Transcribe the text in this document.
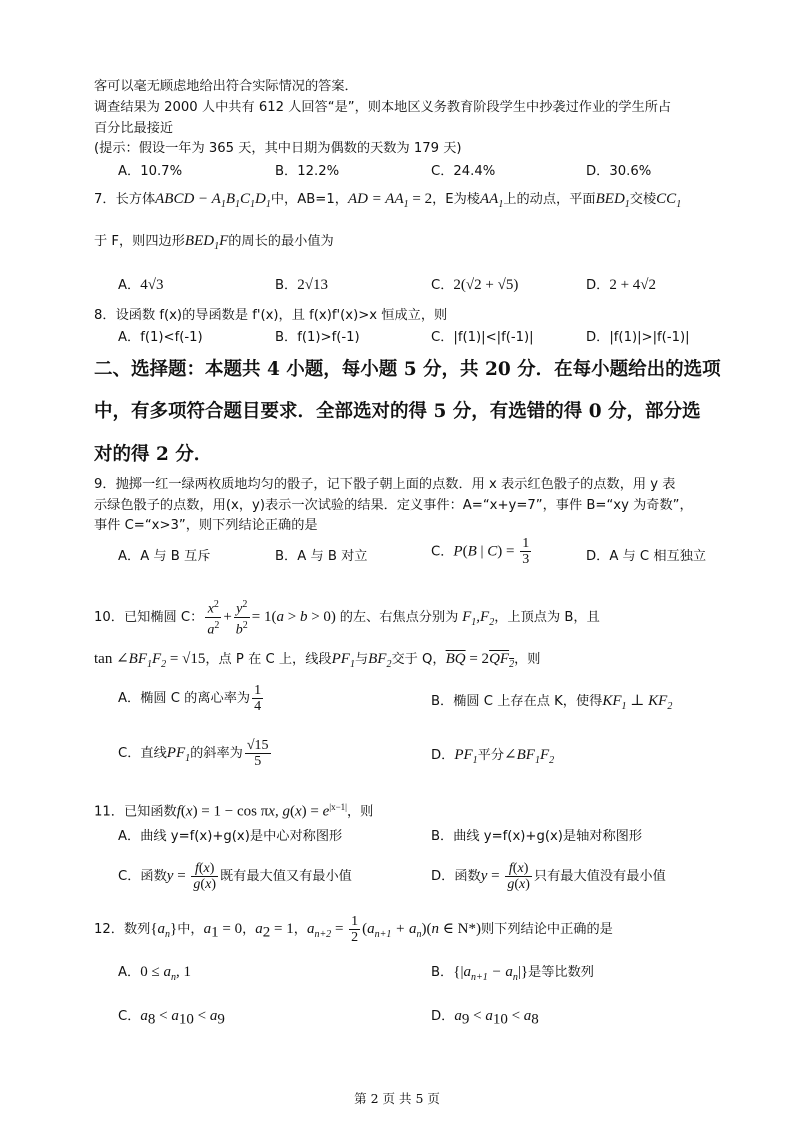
客可以毫无顾虑地给出符合实际情况的答案．
调查结果为 2000 人中共有 612 人回答“是”，则本地区义务教育阶段学生中抄袭过作业的学生所占
百分比最接近
(提示：假设一年为 365 天，其中日期为偶数的天数为 179 天)
A．10.7%	B．12.2%	C．24.4%	D．30.6%
7．长方体ABCD − $A_1B_1C_1D_1$中，AB=1，AD = $AA_1 = 2$，E为棱$AA_1$上的动点，平面$BED_1$交棱$CC_1$
于 F，则四边形$BED_1F$的周长的最小值为
A．4√3	B．2√13	C．2(√2 + √5)	D．2 + 4√2
8．设函数 f(x)的导函数是 f'(x)，且 f(x)f'(x)>x 恒成立，则
A．f(1)<f(-1)	B．f(1)>f(-1)	C．|f(1)|<|f(-1)|	D．|f(1)|>|f(-1)|
二、选择题：本题共 4 小题，每小题 5 分，共 20 分．在每小题给出的选项
中，有多项符合题目要求．全部选对的得 5 分，有选错的得 0 分，部分选
对的得 2 分．
9．抛掷一红一绿两枚质地均匀的骰子，记下骰子朝上面的点数．用 x 表示红色骰子的点数，用 y 表
示绿色骰子的点数，用(x，y)表示一次试验的结果．定义事件：A=“x+y=7”，事件 B=“xy 为奇数”，
事件 C=“x>3”，则下列结论正确的是
A．A 与 B 互斥	B．A 与 B 对立	C．P(B | $C) = \frac{1}{3}$	D．A 与 C 相互独立
10．已知椭圆 C： $\frac{x^2}{a^2} + \frac{y^2}{b^2} = 1(a > b > 0)$ 的左、右焦点分别为 $F_1,F_2$，上顶点为 B，且
$\tan \angle BF_1F_2 = √15$，点 P 在 C 上，线段$PF_1$与$BF_2$交于 Q，$\overline{BQ} = 2QF_2$，则
A．椭圆 C 的离心率为 $\frac{1}{4}$	B．椭圆 C 上存在点 K，使得$KF_1$ ⊥ $KF_2$
C．直线$PF_1$的斜率为 $\frac{√15}{5}$	D．$PF_1$平分$\angle BF_1F_2$
11．已知函数f(x) = 1 − cos πx, $g(x) = e^{|x-1|}$，则
A．曲线 y=f(x)+g(x)是中心对称图形	B．曲线 y=f(x)+g(x)是轴对称图形
C．函数$y = \frac{f(x)}{g(x)}$ 既有最大值又有最小值	D．函数$y = \frac{f(x)}{g(x)}$ 只有最大值没有最小值
12．数列$\{a_n\}$中，$a_1 = 0$，$a_2 = 1$，$a_{n+2} = \frac{1}{2} (a_{n+1} + a_n)(n$ ∈ N*)则下列结论中正确的是
A．$0 \le a_n$, 1	B．$\{|a_{n+1} - a_n|\}$是等比数列
C．$a_8 < a_{10} < a_9$	D．$a_9 < a_{10} < a_8$
第 2 页 共 5 页
